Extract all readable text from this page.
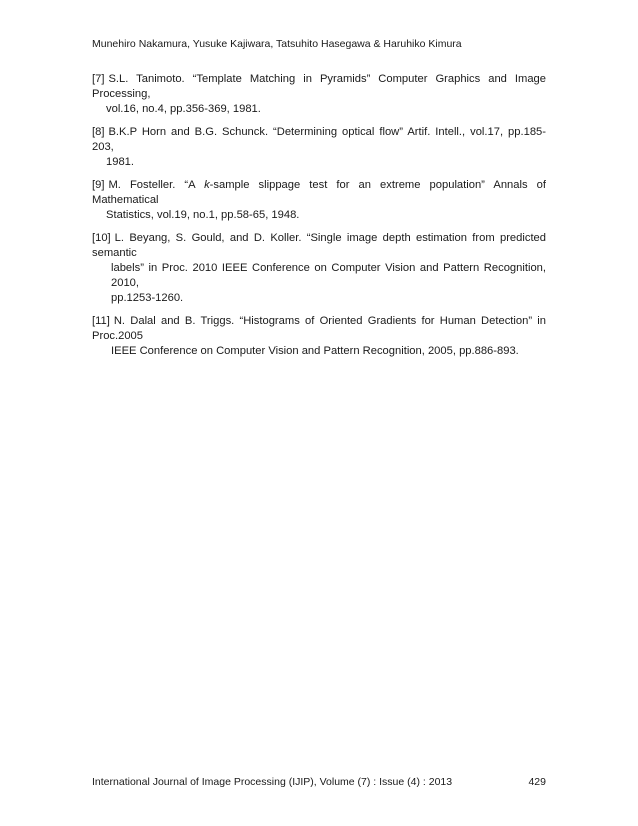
Munehiro Nakamura, Yusuke Kajiwara, Tatsuhito Hasegawa & Haruhiko Kimura
[7] S.L. Tanimoto. “Template Matching in Pyramids” Computer Graphics and Image Processing,
vol.16, no.4, pp.356-369, 1981.
[8] B.K.P Horn and B.G. Schunck. “Determining optical flow” Artif. Intell., vol.17, pp.185-203,
1981.
[9] M. Fosteller. “A k-sample slippage test for an extreme population” Annals of Mathematical
Statistics, vol.19, no.1, pp.58-65, 1948.
[10] L. Beyang, S. Gould, and D. Koller. “Single image depth estimation from predicted semantic
labels” in Proc. 2010 IEEE Conference on Computer Vision and Pattern Recognition, 2010,
pp.1253-1260.
[11] N. Dalal and B. Triggs. “Histograms of Oriented Gradients for Human Detection” in Proc.2005
IEEE Conference on Computer Vision and Pattern Recognition, 2005, pp.886-893.
International Journal of Image Processing (IJIP), Volume (7) : Issue (4) : 2013	429
